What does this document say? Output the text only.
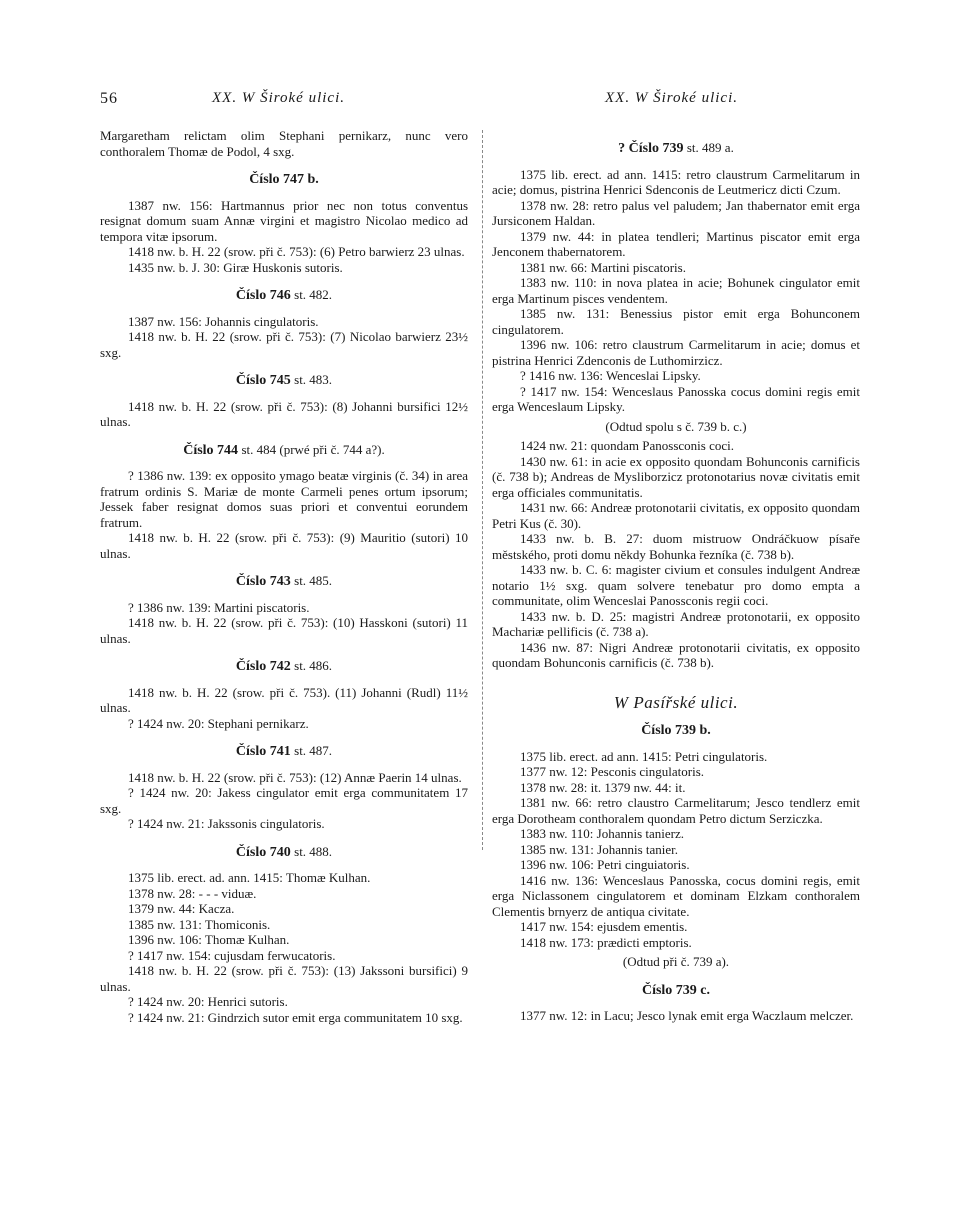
56	XX. W Široké ulici.	XX. W Široké ulici.

Margaretham relictam olim Stephani pernikarz, nunc vero conthoralem Thomæ de Podol, 4 sxg.

Číslo 747 b.

1387 nw. 156: Hartmannus prior nec non totus conventus resignat domum suam Annæ virgini et magistro Nicolao medico ad tempora vitæ ipsorum.

1418 nw. b. H. 22 (srow. při č. 753): (6) Petro barwierz 23 ulnas.

1435 nw. b. J. 30: Giræ Huskonis sutoris.

Číslo 746 st. 482.

1387 nw. 156: Johannis cingulatoris.

1418 nw. b. H. 22 (srow. při č. 753): (7) Nicolao barwierz 23½ sxg.

Číslo 745 st. 483.

1418 nw. b. H. 22 (srow. při č. 753): (8) Johanni bursifici 12½ ulnas.

Číslo 744 st. 484 (prwé při č. 744 a?).

? 1386 nw. 139: ex opposito ymago beatæ virginis (č. 34) in area fratrum ordinis S. Mariæ de monte Carmeli penes ortum ipsorum; Jessek faber resignat domos suas priori et conventui eorundem fratrum.

1418 nw. b. H. 22 (srow. při č. 753): (9) Mauritio (sutori) 10 ulnas.

Číslo 743 st. 485.

? 1386 nw. 139: Martini piscatoris.

1418 nw. b. H. 22 (srow. při č. 753): (10) Hasskoni (sutori) 11 ulnas.

Číslo 742 st. 486.

1418 nw. b. H. 22 (srow. při č. 753). (11) Johanni (Rudl) 11½ ulnas.

? 1424 nw. 20: Stephani pernikarz.

Číslo 741 st. 487.

1418 nw. b. H. 22 (srow. při č. 753): (12) Annæ Paerin 14 ulnas.

? 1424 nw. 20: Jakess cingulator emit erga communitatem 17 sxg.

? 1424 nw. 21: Jakssonis cingulatoris.

Číslo 740 st. 488.

1375 lib. erect. ad. ann. 1415: Thomæ Kulhan.

1378 nw. 28: - - - viduæ.

1379 nw. 44: Kacza.

1385 nw. 131: Thomiconis.

1396 nw. 106: Thomæ Kulhan.

? 1417 nw. 154: cujusdam ferwucatoris.

1418 nw. b. H. 22 (srow. při č. 753): (13) Jakssoni bursifici) 9 ulnas.

? 1424 nw. 20: Henrici sutoris.

? 1424 nw. 21: Gindrzich sutor emit erga communitatem 10 sxg.

? Číslo 739 st. 489 a.

1375 lib. erect. ad ann. 1415: retro claustrum Carmelitarum in acie; domus, pistrina Henrici Sdenconis de Leutmericz dicti Czum.

1378 nw. 28: retro palus vel paludem; Jan thabernator emit erga Jursiconem Haldan.

1379 nw. 44: in platea tendleri; Martinus piscator emit erga Jenconem thabernatorem.

1381 nw. 66: Martini piscatoris.

1383 nw. 110: in nova platea in acie; Bohunek cingulator emit erga Martinum pisces vendentem.

1385 nw. 131: Benessius pistor emit erga Bohunconem cingulatorem.

1396 nw. 106: retro claustrum Carmelitarum in acie; domus et pistrina Henrici Zdenconis de Luthomirzicz.

? 1416 nw. 136: Wenceslai Lipsky.

? 1417 nw. 154: Wenceslaus Panosska cocus domini regis emit erga Wenceslaum Lipsky.

(Odtud spolu s č. 739 b. c.)

1424 nw. 21: quondam Panossconis coci.

1430 nw. 61: in acie ex opposito quondam Bohunconis carnificis (č. 738 b); Andreas de Mysliborzicz protonotarius novæ civitatis emit erga officiales communitatis.

1431 nw. 66: Andreæ protonotarii civitatis, ex opposito quondam Petri Kus (č. 30).

1433 nw. b. B. 27: duom mistruow Ondráčkuow písaře městského, proti domu někdy Bohunka řezníka (č. 738 b).

1433 nw. b. C. 6: magister civium et consules indulgent Andreæ notario 1½ sxg. quam solvere tenebatur pro domo empta a communitate, olim Wenceslai Panossconis regii coci.

1433 nw. b. D. 25: magistri Andreæ protonotarii, ex opposito Machariæ pellificis (č. 738 a).

1436 nw. 87: Nigri Andreæ protonotarii civitatis, ex opposito quondam Bohunconis carnificis (č. 738 b).

W Pasířské ulici.
Číslo 739 b.

1375 lib. erect. ad ann. 1415: Petri cingulatoris.

1377 nw. 12: Pesconis cingulatoris.

1378 nw. 28: it. 1379 nw. 44: it.

1381 nw. 66: retro claustro Carmelitarum; Jesco tendlerz emit erga Dorotheam conthoralem quondam Petro dictum Serziczka.

1383 nw. 110: Johannis tanierz.

1385 nw. 131: Johannis tanier.

1396 nw. 106: Petri cinguiatoris.

1416 nw. 136: Wenceslaus Panosska, cocus domini regis, emit erga Niclassonem cingulatorem et dominam Elzkam conthoralem Clementis brnyerz de antiqua civitate.

1417 nw. 154: ejusdem ementis.

1418 nw. 173: prædicti emptoris.

(Odtud při č. 739 a).
Číslo 739 c.

1377 nw. 12: in Lacu; Jesco lynak emit erga Waczlaum melczer.
